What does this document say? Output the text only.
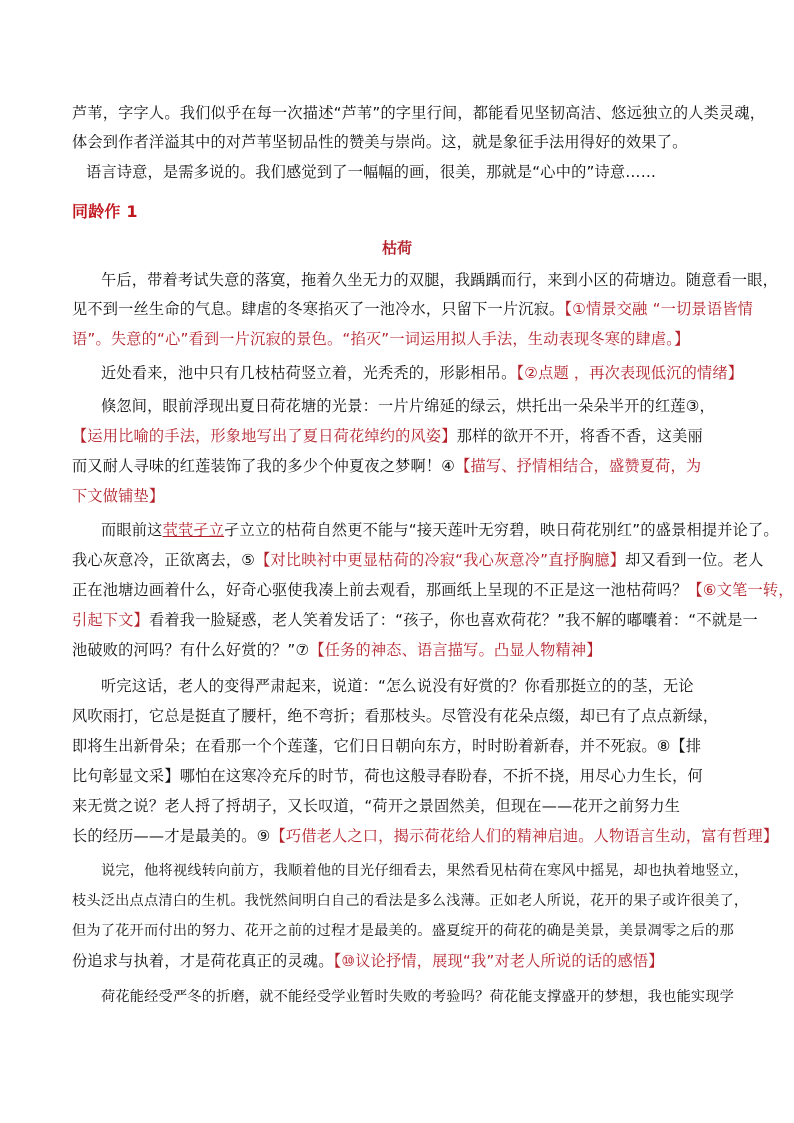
芦苇，字字人。我们似乎在每一次描述“芦苇”的字里行间，都能看见坚韧高洁、悠远独立的人类灵魂，
体会到作者洋溢其中的对芦苇坚韧品性的赞美与崇尚。这，就是象征手法用得好的效果了。
语言诗意，是需多说的。我们感觉到了一幅幅的画，很美，那就是“心中的”诗意……
同龄作 1
枯荷
午后，带着考试失意的落寞，拖着久坐无力的双腿，我踽踽而行，来到小区的荷塘边。随意看一眼，
见不到一丝生命的气息。肆虐的冬寒掐灭了一池冷水，只留下一片沉寂。【①情景交融 “一切景语皆情
语”。失意的“心”看到一片沉寂的景色。“掐灭”一词运用拟人手法，生动表现冬寒的肆虐。】
近处看来，池中只有几枝枯荷竖立着，光秃秃的，形影相吊。【②点题 ，再次表现低沉的情绪】
倏忽间，眼前浮现出夏日荷花塘的光景：一片片绵延的绿云，烘托出一朵朵半开的红莲③，
【运用比喻的手法，形象地写出了夏日荷花绰约的风姿】那样的欲开不开，将香不香，这美丽
而又耐人寻味的红莲装饰了我的多少个仲夏夜之梦啊！④【描写、抒情相结合，盛赞夏荷，为
下文做铺垫】
而眼前这茕茕孑立孑立立的枯荷自然更不能与“接天莲叶无穷碧，映日荷花别红”的盛景相提并论了。
我心灰意冷，正欲离去，⑤【对比映衬中更显枯荷的冷寂“我心灰意冷”直抒胸臆】却又看到一位。老人
正在池塘边画着什么，好奇心驱使我凑上前去观看，那画纸上呈现的不正是这一池枯荷吗？【⑥文笔一转，
引起下文】看着我一脸疑惑，老人笑着发话了：“孩子，你也喜欢荷花？”我不解的嘟囔着：“不就是一
池破败的河吗？有什么好赏的？”⑦【任务的神态、语言描写。凸显人物精神】
听完这话，老人的变得严肃起来，说道：“怎么说没有好赏的？你看那挺立的的茎，无论
风吹雨打，它总是挺直了腰杆，绝不弯折；看那枝头。尽管没有花朵点缀，却已有了点点新绿，
即将生出新骨朵；在看那一个个莲蓬，它们日日朝向东方，时时盼着新春，并不死寂。⑧【排
比句彰显文采】哪怕在这寒冷充斥的时节，荷也这般寻春盼春，不折不挠，用尽心力生长，何
来无赏之说？老人捋了捋胡子，又长叹道，“荷开之景固然美，但现在——花开之前努力生
长的经历——才是最美的。⑨【巧借老人之口，揭示荷花给人们的精神启迪。人物语言生动，富有哲理】
说完，他将视线转向前方，我顺着他的目光仔细看去，果然看见枯荷在寒风中摇晃，却也执着地竖立，
枝头泛出点点清白的生机。我恍然间明白自己的看法是多么浅薄。正如老人所说，花开的果子或许很美了，
但为了花开而付出的努力、花开之前的过程才是最美的。盛夏绽开的荷花的确是美景，美景凋零之后的那
份追求与执着，才是荷花真正的灵魂。【⑩议论抒情，展现“我”对老人所说的话的感悟】
荷花能经受严冬的折磨，就不能经受学业暂时失败的考验吗？荷花能支撑盛开的梦想，我也能实现学
